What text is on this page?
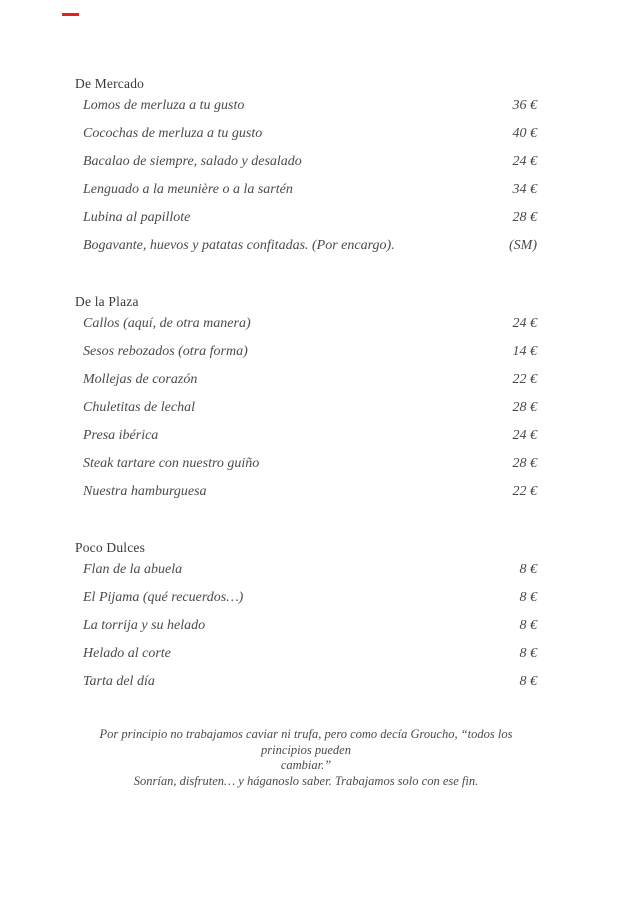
De Mercado
Lomos de merluza a tu gusto	36 €
Cocochas de merluza a tu gusto	40 €
Bacalao de siempre, salado y desalado	24 €
Lenguado a la meunière o a la sartén	34 €
Lubina al papillote	28 €
Bogavante, huevos y patatas confitadas. (Por encargo).	(SM)
De la Plaza
Callos (aquí, de otra manera)	24 €
Sesos rebozados (otra forma)	14 €
Mollejas de corazón	22 €
Chuletitas de lechal	28 €
Presa ibérica	24 €
Steak tartare con nuestro guiño	28 €
Nuestra hamburguesa	22 €
Poco Dulces
Flan de la abuela	8 €
El Pijama (qué recuerdos…)	8 €
La torrija y su helado	8 €
Helado al corte	8 €
Tarta del día	8 €
Por principio no trabajamos caviar ni trufa, pero como decía Groucho, “todos los principios pueden
cambiar.”
Sonrían, disfruten… y háganoslo saber. Trabajamos solo con ese fin.
